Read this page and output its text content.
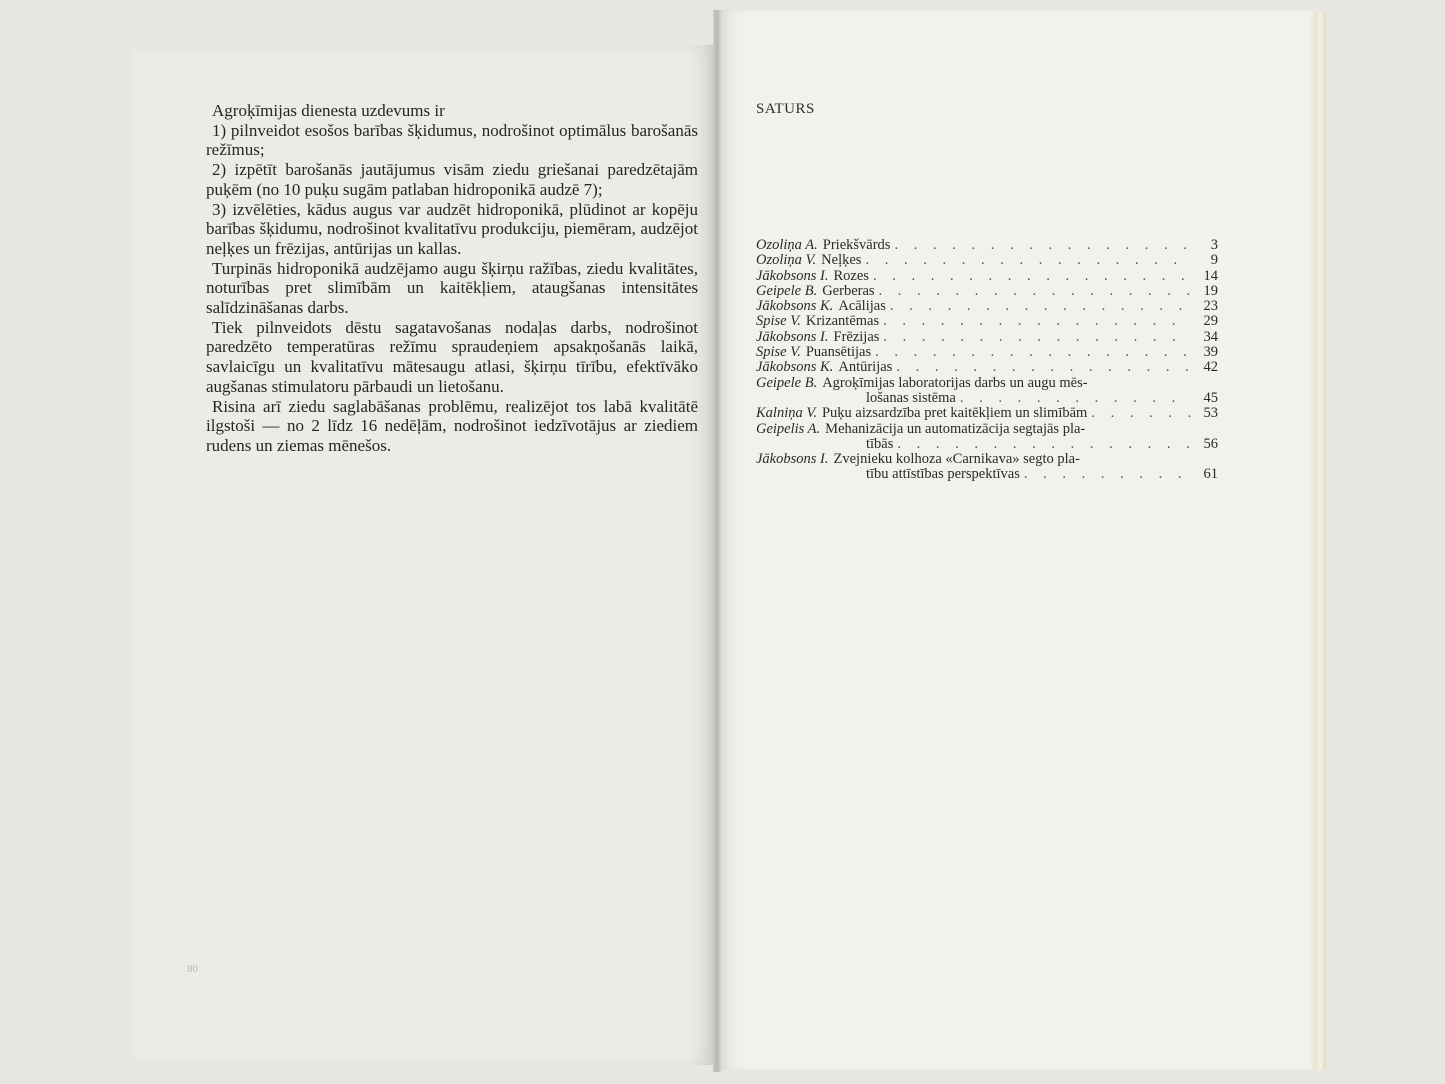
Agroķīmijas dienesta uzdevums ir

1) pilnveidot esošos barības šķidumus, nodrošinot optimālus barošanās režīmus;

2) izpētīt barošanās jautājumus visām ziedu griešanai paredzētajām puķēm (no 10 puķu sugām patlaban hidroponikā audzē 7);

3) izvēlēties, kādus augus var audzēt hidroponikā, plūdinot ar kopēju barības šķidumu, nodrošinot kvalitatīvu produkciju, piemēram, audzējot neļķes un frēzijas, antūrijas un kallas.

Turpinās hidroponikā audzējamo augu šķirņu ražības, ziedu kvalitātes, noturības pret slimībām un kaitēkļiem, ataugšanas intensitātes salīdzināšanas darbs.

Tiek pilnveidots dēstu sagatavošanas nodaļas darbs, nodrošinot paredzēto temperatūras režīmu spraudeņiem apsakņošanās laikā, savlaicīgu un kvalitatīvu mātesaugu atlasi, šķirņu tīrību, efektīvāko augšanas stimulatoru pārbaudi un lietošanu.

Risina arī ziedu saglabāšanas problēmu, realizējot tos labā kvalitātē ilgstoši — no 2 līdz 16 nedēļām, nodrošinot iedzīvotājus ar ziediem rudens un ziemas mēnešos.

80
SATURS
Ozoliņa A. Priekšvārds . . .	3
Ozoliņa V. Neļķes . . .	9
Jākobsons I. Rozes . . .	14
Geipele B. Gerberas . . .	19
Jākobsons K. Acālijas . . .	23
Spise V. Krizantēmas . . .	29
Jākobsons I. Frēzijas . . .	34
Spise V. Puansētijas . . .	39
Jākobsons K. Antūrijas . . .	42
Geipele B. Agroķīmijas laboratorijas darbs un augu mēs-
lošanas sistēma . . .	45
Kalniņa V. Puķu aizsardzība pret kaitēkļiem un slimībām . . .	53
Geipelis A. Mehanizācija un automatizācija segtajās pla-
tībās . . .	56
Jākobsons I. Zvejnieku kolhoza «Carnikava» segto pla-
tību attīstības perspektīvas . . .	61
